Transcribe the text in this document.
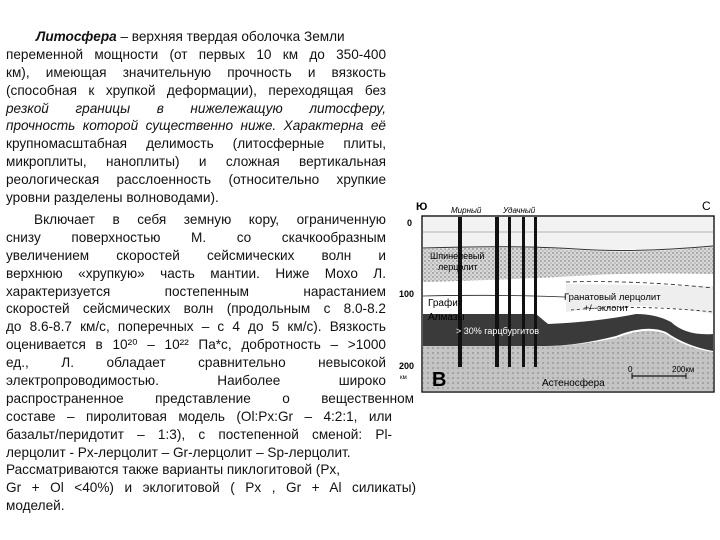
Литосфера – верхняя твердая оболочка Земли
переменной мощности (от первых 10 км до 350-400
км), имеющая значительную прочность и вязкость
(способная к хрупкой деформации), переходящая без
резкой границы в нижележащую литосферу,
прочность которой существенно ниже. Характерна её
крупномасштабная делимость (литосферные плиты,
микроплиты, наноплиты) и сложная вертикальная
реологическая расслоенность (относительно хрупкие
уровни разделены волноводами).
Включает в себя земную кору, ограниченную
снизу поверхностью М. со скачкообразным
увеличением скоростей сейсмических волн и
верхнюю «хрупкую» часть мантии. Ниже Мохо Л.
характеризуется постепенным нарастанием
скоростей сейсмических волн (продольным с 8.0-8.2
до 8.6-8.7 км/с, поперечных – с 4 до 5 км/с). Вязкость
оценивается в 10²⁰ – 10²² Па*с, добротность – >1000
ед., Л. обладает сравнительно невысокой
электропроводимостью. Наиболее широко
распространенное представление о вещественном
составе – пиролитовая модель (Ol:Px:Gr – 4:2:1, или
базальт/перидотит – 1:3), с постепенной сменой: Pl-
лерцолит - Px-лерцолит – Gr-лерцолит – Sp-лерцолит.
Рассматриваются также варианты пиклогитовой (Px,
Gr + Ol <40%) и эклогитовой ( Px , Gr + Al силикаты)
моделей.
Ю	С
Мирный	Удачный
0
100
200
км
Шпинелевый
лерцолит
Графит
Алмазы
> 30% гарцбургитов
Гранатовый лерцолит
+/- эклогит
Астеносфера
В	0	200км
